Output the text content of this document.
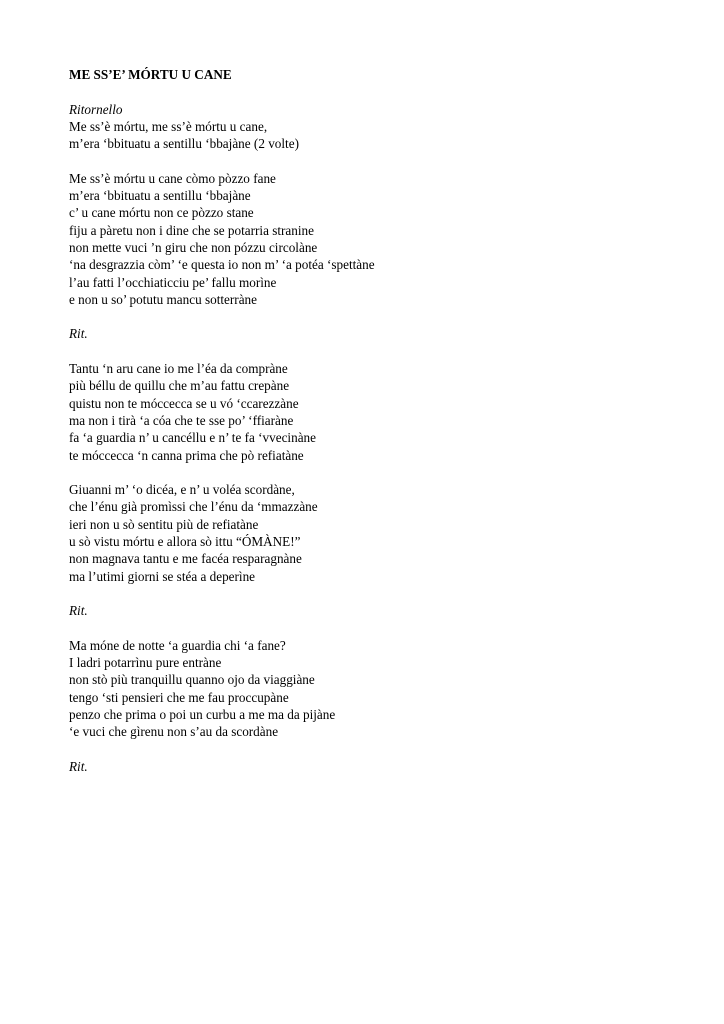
ME SS’E’ MÓRTU U CANE
Ritornello
Me ss’è mórtu, me ss’è mórtu u cane,
m’era ‘bbituatu a sentillu ‘bbajàne (2 volte)
Me ss’è mórtu u cane còmo pòzzo fane
m’era ‘bbituatu a sentillu ‘bbajàne
c’ u cane mórtu non ce pòzzo stane
fiju a pàretu non i dine che se potarria stranine
non mette vuci ’n giru che non pózzu circolàne
‘na desgrazzia còm’ ‘e questa io non m’ ‘a potéa ‘spettàne
l’au fatti l’occhiaticciu pe’ fallu morìne
e non u so’ potutu mancu sotterràne
Rit.
Tantu ‘n aru cane io me l’éa da compràne
più béllu de quillu che m’au fattu crepàne
quistu non te móccecca se u vó ‘ccarezzàne
ma non i tirà ‘a cóa che te sse po’ ‘ffiaràne
fa ‘a guardia n’ u cancéllu e n’ te fa ‘vvecinàne
te móccecca ‘n canna prima che pò refiatàne
Giuanni m’ ‘o dicéa, e n’ u voléa scordàne,
che l’énu già promìssi che l’énu da ‘mmazzàne
ieri non u sò sentitu più de refiatàne
u sò vistu mórtu e allora sò ittu “ÓMÀNE!”
non magnava tantu e me facéa resparagnàne
ma l’utimi giorni se stéa a deperìne
Rit.
Ma móne de notte ‘a guardia chi ‘a fane?
I ladri potarrìnu pure entràne
non stò più tranquillu quanno ojo da viaggiàne
tengo ‘sti pensieri che me fau proccupàne
penzo che prima o poi un curbu a me ma da pijàne
‘e vuci che gìrenu non s’au da scordàne
Rit.
